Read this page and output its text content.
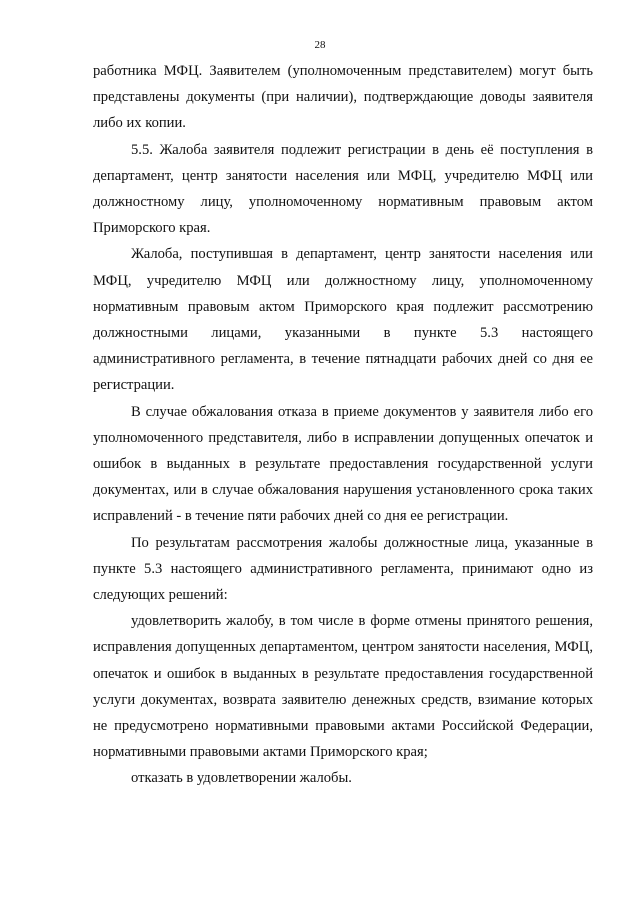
28

работника МФЦ. Заявителем (уполномоченным представителем) могут быть представлены документы (при наличии), подтверждающие доводы заявителя либо их копии.

5.5. Жалоба заявителя подлежит регистрации в день её поступления в департамент, центр занятости населения или МФЦ, учредителю МФЦ или должностному лицу, уполномоченному нормативным правовым актом Приморского края.

Жалоба, поступившая в департамент, центр занятости населения или МФЦ, учредителю МФЦ или должностному лицу, уполномоченному нормативным правовым актом Приморского края подлежит рассмотрению должностными лицами, указанными в пункте 5.3 настоящего административного регламента, в течение пятнадцати рабочих дней со дня ее регистрации.

В случае обжалования отказа в приеме документов у заявителя либо его уполномоченного представителя, либо в исправлении допущенных опечаток и ошибок в выданных в результате предоставления государственной услуги документах, или в случае обжалования нарушения установленного срока таких исправлений - в течение пяти рабочих дней со дня ее регистрации.

По результатам рассмотрения жалобы должностные лица, указанные в пункте 5.3 настоящего административного регламента, принимают одно из следующих решений:

удовлетворить жалобу, в том числе в форме отмены принятого решения, исправления допущенных департаментом, центром занятости населения, МФЦ, опечаток и ошибок в выданных в результате предоставления государственной услуги документах, возврата заявителю денежных средств, взимание которых не предусмотрено нормативными правовыми актами Российской Федерации, нормативными правовыми актами Приморского края;

отказать в удовлетворении жалобы.
